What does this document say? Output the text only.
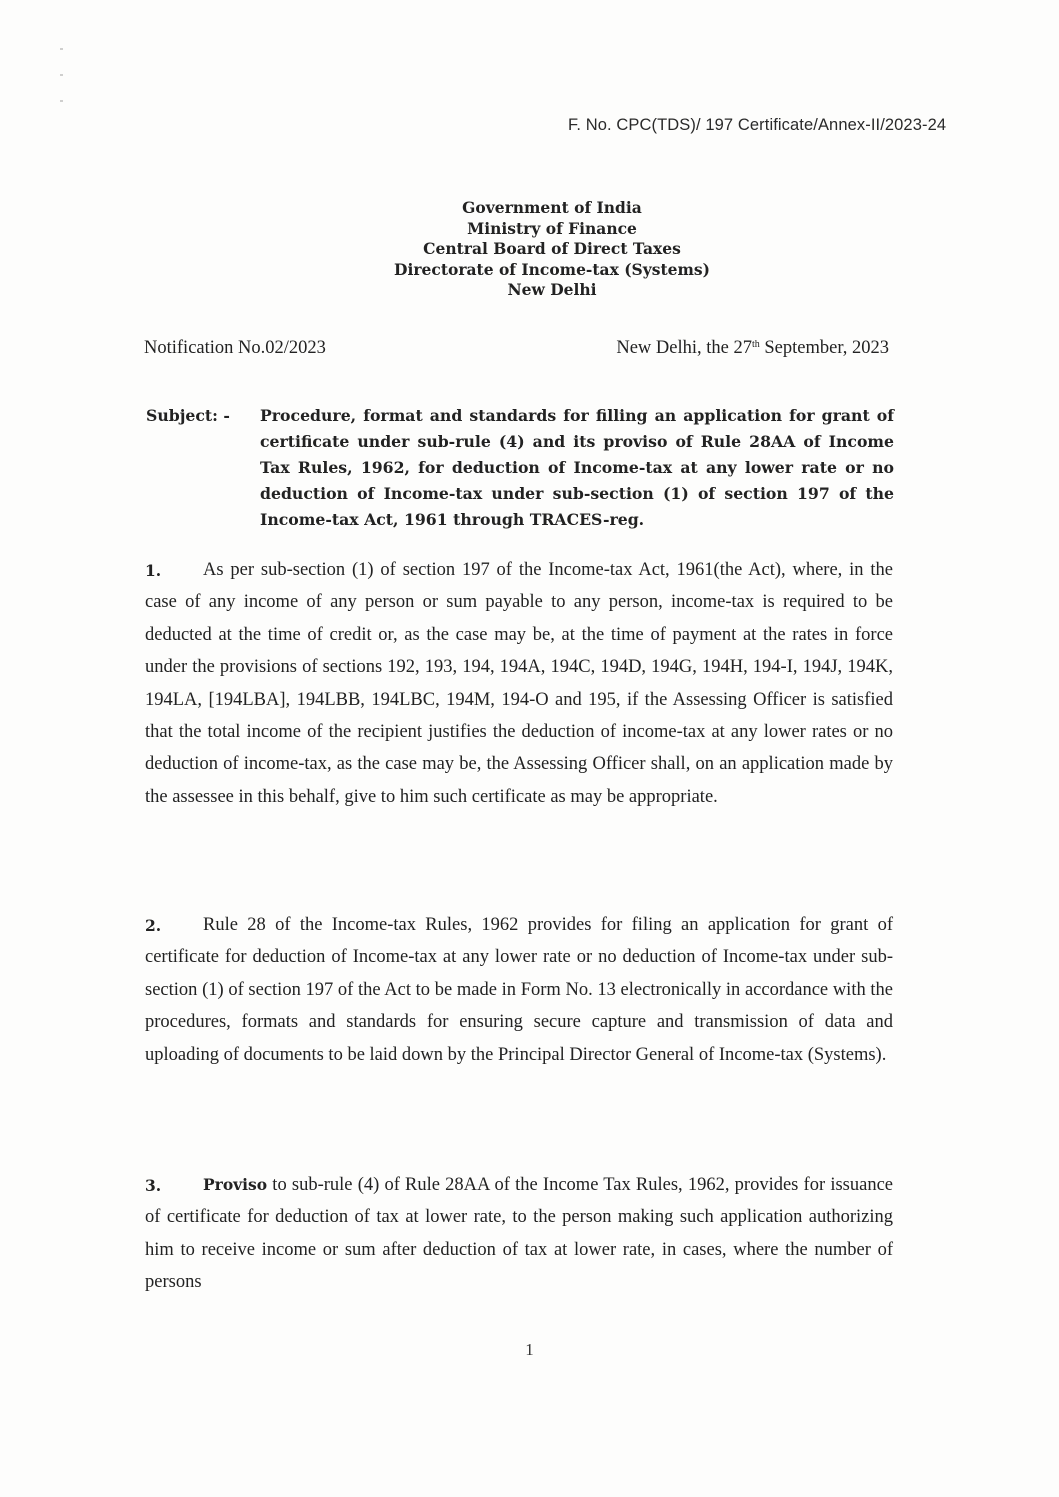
F. No. CPC(TDS)/ 197 Certificate/Annex-II/2023-24
Government of India
Ministry of Finance
Central Board of Direct Taxes
Directorate of Income-tax (Systems)
New Delhi
Notification No.02/2023	New Delhi, the 27th September, 2023
Subject: - Procedure, format and standards for filling an application for grant of certificate under sub-rule (4) and its proviso of Rule 28AA of Income Tax Rules, 1962, for deduction of Income-tax at any lower rate or no deduction of Income-tax under sub-section (1) of section 197 of the Income-tax Act, 1961 through TRACES-reg.
1.	As per sub-section (1) of section 197 of the Income-tax Act, 1961(the Act), where, in the case of any income of any person or sum payable to any person, income-tax is required to be deducted at the time of credit or, as the case may be, at the time of payment at the rates in force under the provisions of sections 192, 193, 194, 194A, 194C, 194D, 194G, 194H, 194-I, 194J, 194K, 194LA, [194LBA], 194LBB, 194LBC, 194M, 194-O and 195, if the Assessing Officer is satisfied that the total income of the recipient justifies the deduction of income-tax at any lower rates or no deduction of income-tax, as the case may be, the Assessing Officer shall, on an application made by the assessee in this behalf, give to him such certificate as may be appropriate.
2.	Rule 28 of the Income-tax Rules, 1962 provides for filing an application for grant of certificate for deduction of Income-tax at any lower rate or no deduction of Income-tax under sub-section (1) of section 197 of the Act to be made in Form No. 13 electronically in accordance with the procedures, formats and standards for ensuring secure capture and transmission of data and uploading of documents to be laid down by the Principal Director General of Income-tax (Systems).
3.	Proviso to sub-rule (4) of Rule 28AA of the Income Tax Rules, 1962, provides for issuance of certificate for deduction of tax at lower rate, to the person making such application authorizing him to receive income or sum after deduction of tax at lower rate, in cases, where the number of persons
1
